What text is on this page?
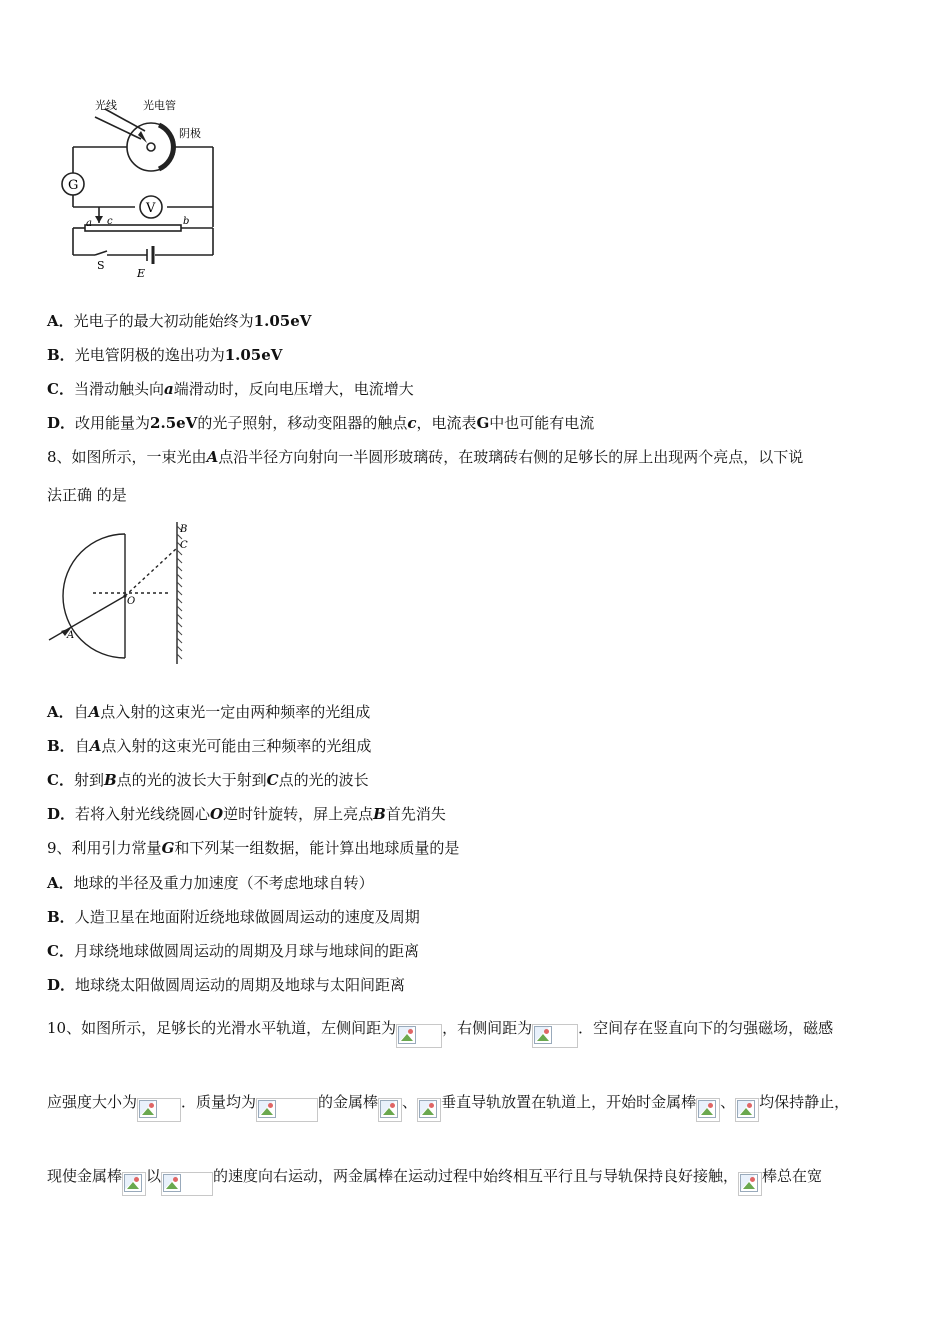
光线 光电管
阴极
G
V
a c	b
S
E
A．光电子的最大初动能始终为1.05eV
B．光电管阴极的逸出功为1.05eV
C．当滑动触头向a端滑动时，反向电压增大，电流增大
D．改用能量为2.5eV的光子照射，移动变阻器的触点c，电流表G中也可能有电流
8、如图所示，一束光由A点沿半径方向射向一半圆形玻璃砖，在玻璃砖右侧的足够长的屏上出现两个亮点，以下说
法正确 的是
B
C
O
A
A．自A点入射的这束光一定由两种频率的光组成
B．自A点入射的这束光可能由三种频率的光组成
C．射到B点的光的波长大于射到C点的光的波长
D．若将入射光线绕圆心O逆时针旋转，屏上亮点B首先消失
9、利用引力常量G和下列某一组数据，能计算出地球质量的是
A．地球的半径及重力加速度（不考虑地球自转）
B．人造卫星在地面附近绕地球做圆周运动的速度及周期
C．月球绕地球做圆周运动的周期及月球与地球间的距离
D．地球绕太阳做圆周运动的周期及地球与太阳间距离
10、如图所示，足够长的光滑水平轨道，左侧间距为	，右侧间距为	．空间存在竖直向下的匀强磁场，磁感
应强度大小为	．质量均为	的金属棒 、 垂直导轨放置在轨道上，开始时金属棒 、 均保持静止，
现使金属棒 以	的速度向右运动，两金属棒在运动过程中始终相互平行且与导轨保持良好接触， 棒总在宽
